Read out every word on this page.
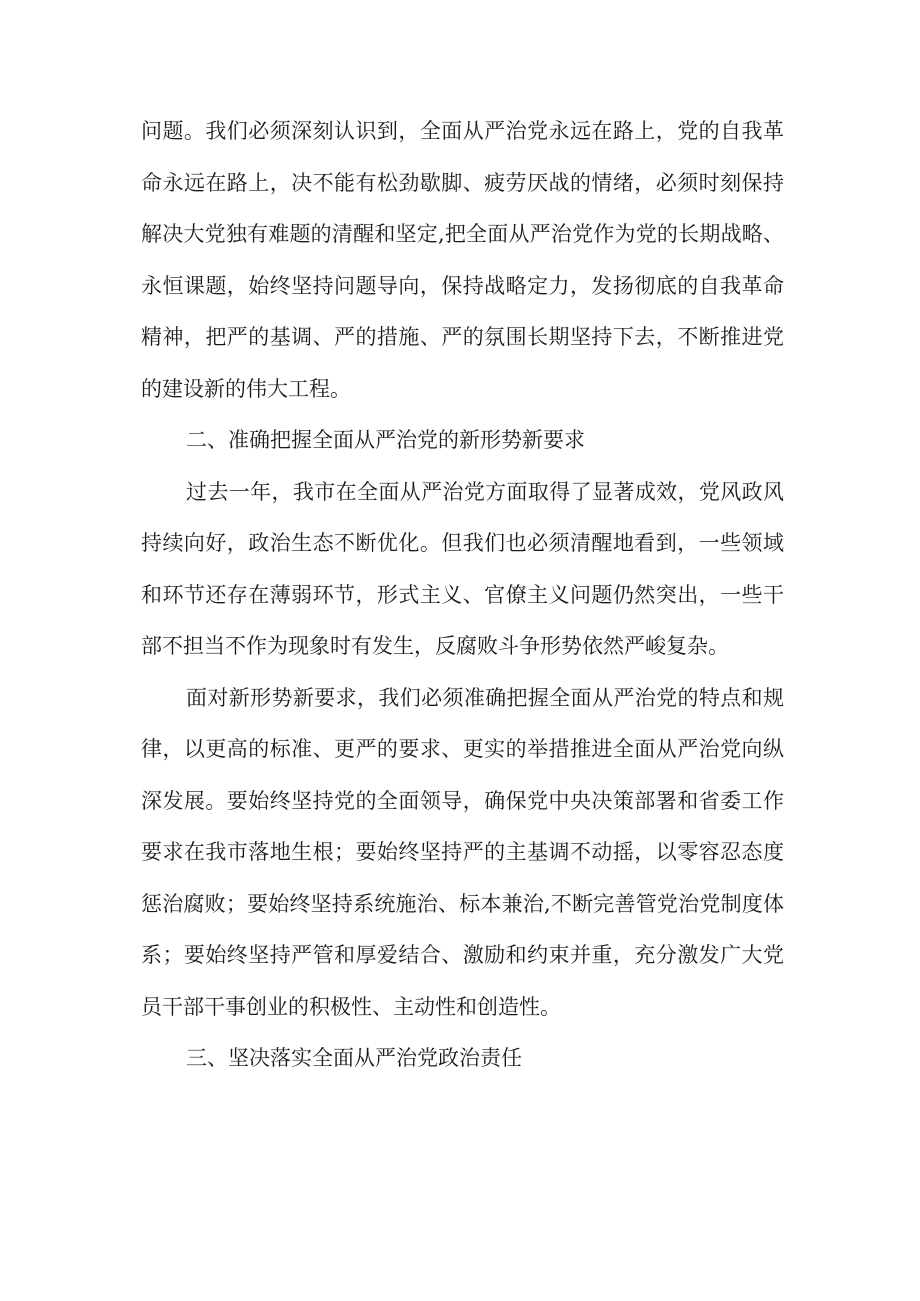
问题。我们必须深刻认识到，全面从严治党永远在路上，党的自我革命永远在路上，决不能有松劲歇脚、疲劳厌战的情绪，必须时刻保持解决大党独有难题的清醒和坚定,把全面从严治党作为党的长期战略、永恒课题，始终坚持问题导向，保持战略定力，发扬彻底的自我革命精神，把严的基调、严的措施、严的氛围长期坚持下去，不断推进党的建设新的伟大工程。

二、准确把握全面从严治党的新形势新要求

过去一年，我市在全面从严治党方面取得了显著成效，党风政风持续向好，政治生态不断优化。但我们也必须清醒地看到，一些领域和环节还存在薄弱环节，形式主义、官僚主义问题仍然突出，一些干部不担当不作为现象时有发生，反腐败斗争形势依然严峻复杂。

面对新形势新要求，我们必须准确把握全面从严治党的特点和规律，以更高的标准、更严的要求、更实的举措推进全面从严治党向纵深发展。要始终坚持党的全面领导，确保党中央决策部署和省委工作要求在我市落地生根；要始终坚持严的主基调不动摇，以零容忍态度惩治腐败；要始终坚持系统施治、标本兼治,不断完善管党治党制度体系；要始终坚持严管和厚爱结合、激励和约束并重，充分激发广大党员干部干事创业的积极性、主动性和创造性。

三、坚决落实全面从严治党政治责任
